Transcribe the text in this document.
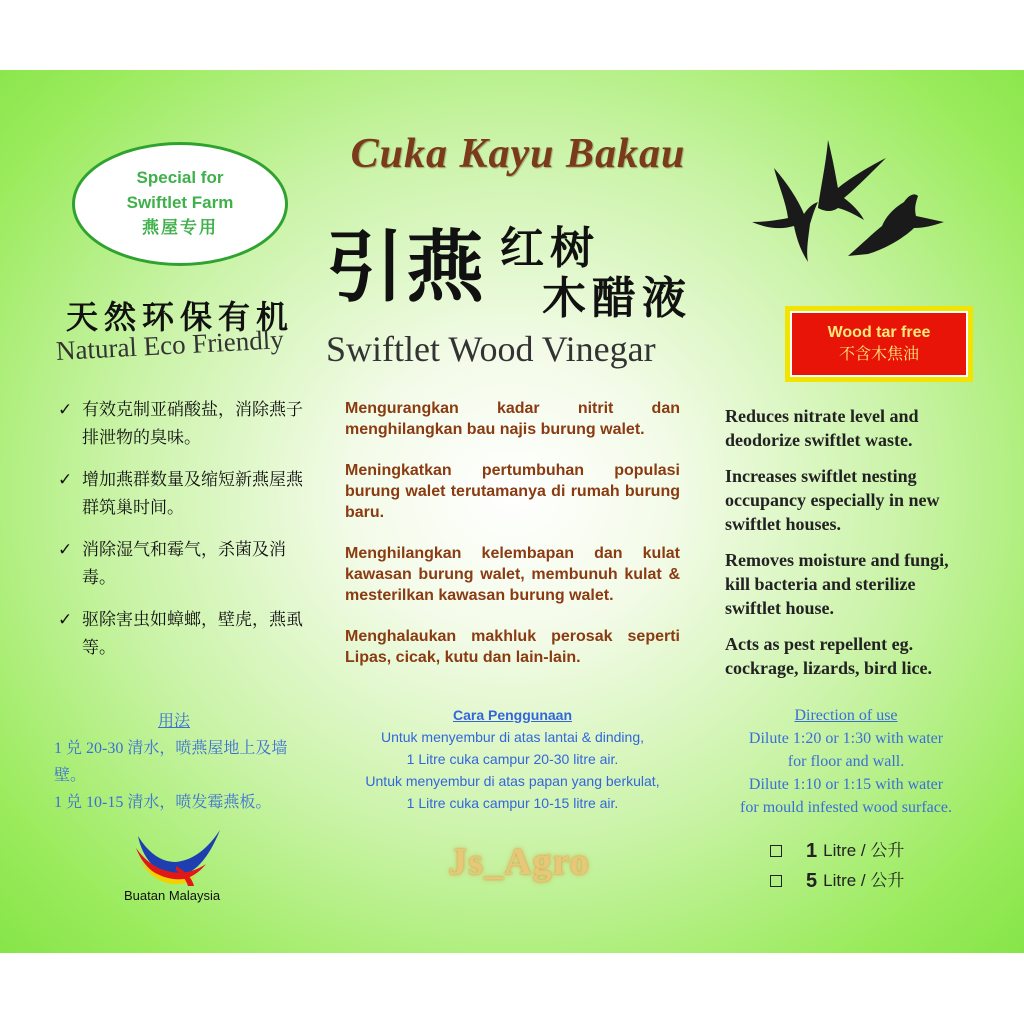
Special for
Swiftlet Farm
燕屋专用
Cuka Kayu Bakau
引燕 红树
木醋液
Swiftlet Wood Vinegar
天然环保有机
Natural Eco Friendly
✓ 有效克制亚硝酸盐，消除燕子排泄物的臭味。
✓ 增加燕群数量及缩短新燕屋燕群筑巢时间。
✓ 消除湿气和霉气，杀菌及消毒。
✓ 驱除害虫如蟑螂，壁虎，燕虱等。
用法
1 兑 20-30 清水，喷燕屋地上及墙壁。
1 兑 10-15 清水，喷发霉燕板。
Buatan Malaysia
Mengurangkan kadar nitrit dan menghilangkan bau najis burung walet.
Meningkatkan pertumbuhan populasi burung walet terutamanya di rumah burung baru.
Menghilangkan kelembapan dan kulat kawasan burung walet, membunuh kulat & mesterilkan kawasan burung walet.
Menghalaukan makhluk perosak seperti Lipas, cicak, kutu dan lain-lain.
Cara Penggunaan
Untuk menyembur di atas lantai & dinding,
1 Litre cuka campur 20-30 litre air.
Untuk menyembur di atas papan yang berkulat,
1 Litre cuka campur 10-15 litre air.
Js_Agro
Wood tar free
不含木焦油
Reduces nitrate level and deodorize swiftlet waste.
Increases swiftlet nesting occupancy especially in new swiftlet houses.
Removes moisture and fungi, kill bacteria and sterilize swiftlet house.
Acts as pest repellent eg. cockrage, lizards, bird lice.
Direction of use
Dilute 1:20 or 1:30 with water
for floor and wall.
Dilute 1:10 or 1:15 with water
for mould infested wood surface.
1 Litre / 公升
5 Litre / 公升
